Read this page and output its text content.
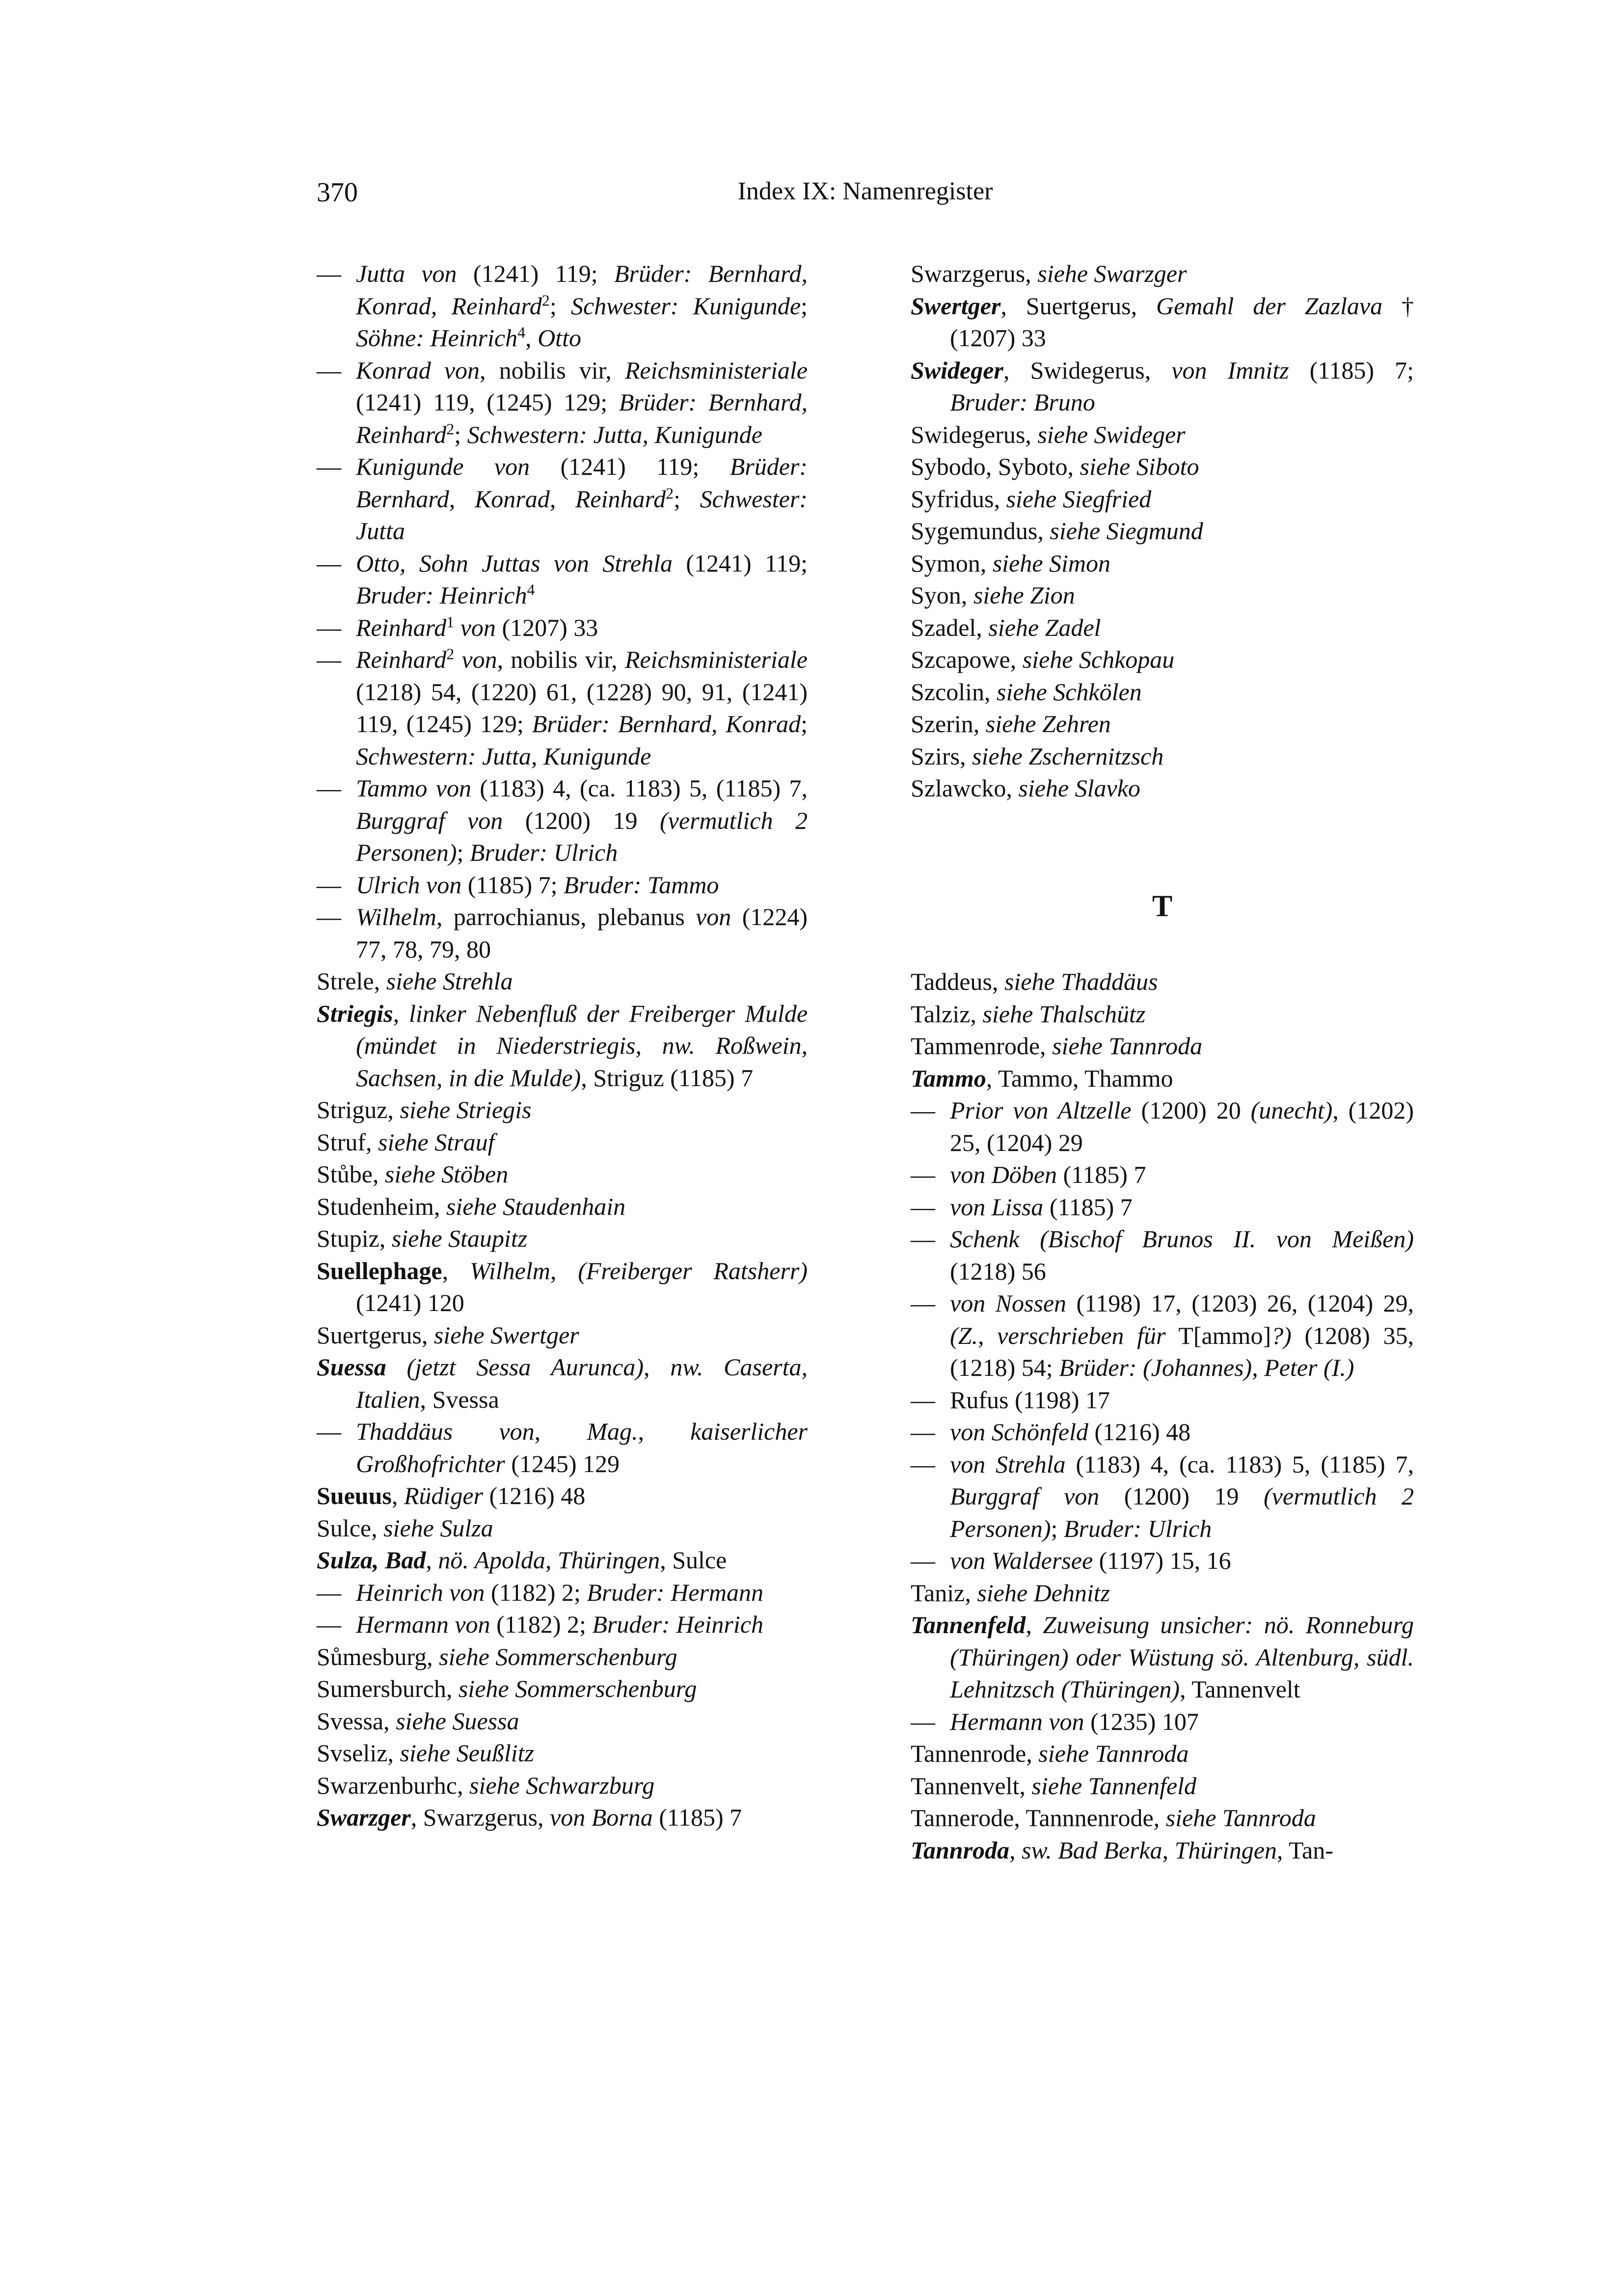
370	Index IX: Namenregister

— Jutta von (1241) 119; Brüder: Bernhard, Konrad, Reinhard$^2$; Schwester: Kunigunde; Söhne: Heinrich$^4$, Otto

— Konrad von, nobilis vir, Reichsministeriale (1241) 119, (1245) 129; Brüder: Bernhard, Reinhard$^2$; Schwestern: Jutta, Kunigunde

— Kunigunde von (1241) 119; Brüder: Bernhard, Konrad, Reinhard$^2$; Schwester: Jutta

— Otto, Sohn Juttas von Strehla (1241) 119; Bruder: Heinrich$^4$

— Reinhard$^1$ von (1207) 33

— Reinhard$^2$ von, nobilis vir, Reichsministeriale (1218) 54, (1220) 61, (1228) 90, 91, (1241) 119, (1245) 129; Brüder: Bernhard, Konrad; Schwestern: Jutta, Kunigunde

— Tammo von (1183) 4, (ca. 1183) 5, (1185) 7, Burggraf von (1200) 19 (vermutlich 2 Personen); Bruder: Ulrich

— Ulrich von (1185) 7; Bruder: Tammo

— Wilhelm, parrochianus, plebanus von (1224) 77, 78, 79, 80

Strele, siehe Strehla

Striegis, linker Nebenfluß der Freiberger Mulde (mündet in Niederstriegis, nw. Roßwein, Sachsen, in die Mulde), Striguz (1185) 7

Striguz, siehe Striegis

Struf, siehe Strauf

Stůbe, siehe Stöben

Studenheim, siehe Staudenhain

Stupiz, siehe Staupitz

Suellephage, Wilhelm, (Freiberger Ratsherr) (1241) 120

Suertgerus, siehe Swertger

Suessa (jetzt Sessa Aurunca), nw. Caserta, Italien, Svessa

— Thaddäus von, Mag., kaiserlicher Großhofrichter (1245) 129

Sueuus, Rüdiger (1216) 48

Sulce, siehe Sulza

Sulza, Bad, nö. Apolda, Thüringen, Sulce

— Heinrich von (1182) 2; Bruder: Hermann

— Hermann von (1182) 2; Bruder: Heinrich

Sůmesburg, siehe Sommerschenburg

Sumersburch, siehe Sommerschenburg

Svessa, siehe Suessa

Svseliz, siehe Seußlitz

Swarzenburhc, siehe Schwarzburg

Swarzger, Swarzgerus, von Borna (1185) 7

Swarzgerus, siehe Swarzger

Swertger, Suertgerus, Gemahl der Zazlava † (1207) 33

Swideger, Swidegerus, von Imnitz (1185) 7; Bruder: Bruno

Swidegerus, siehe Swideger

Sybodo, Syboto, siehe Siboto

Syfridus, siehe Siegfried

Sygemundus, siehe Siegmund

Symon, siehe Simon

Syon, siehe Zion

Szadel, siehe Zadel

Szcapowe, siehe Schkopau

Szcolin, siehe Schkölen

Szerin, siehe Zehren

Szirs, siehe Zschernitzsch

Szlawcko, siehe Slavko

T

Taddeus, siehe Thaddäus

Talziz, siehe Thalschütz

Tammenrode, siehe Tannroda

Tammo, Tammo, Thammo

— Prior von Altzelle (1200) 20 (unecht), (1202) 25, (1204) 29

— von Döben (1185) 7

— von Lissa (1185) 7

— Schenk (Bischof Brunos II. von Meißen) (1218) 56

— von Nossen (1198) 17, (1203) 26, (1204) 29, (Z., verschrieben für T[ammo]?) (1208) 35, (1218) 54; Brüder: (Johannes), Peter (I.)

— Rufus (1198) 17

— von Schönfeld (1216) 48

— von Strehla (1183) 4, (ca. 1183) 5, (1185) 7, Burggraf von (1200) 19 (vermutlich 2 Personen); Bruder: Ulrich

— von Waldersee (1197) 15, 16

Taniz, siehe Dehnitz

Tannenfeld, Zuweisung unsicher: nö. Ronneburg (Thüringen) oder Wüstung sö. Altenburg, südl. Lehnitzsch (Thüringen), Tannenvelt

— Hermann von (1235) 107

Tannenrode, siehe Tannroda

Tannenvelt, siehe Tannenfeld

Tannerode, Tannnenrode, siehe Tannroda

Tannroda, sw. Bad Berka, Thüringen, Tan-
